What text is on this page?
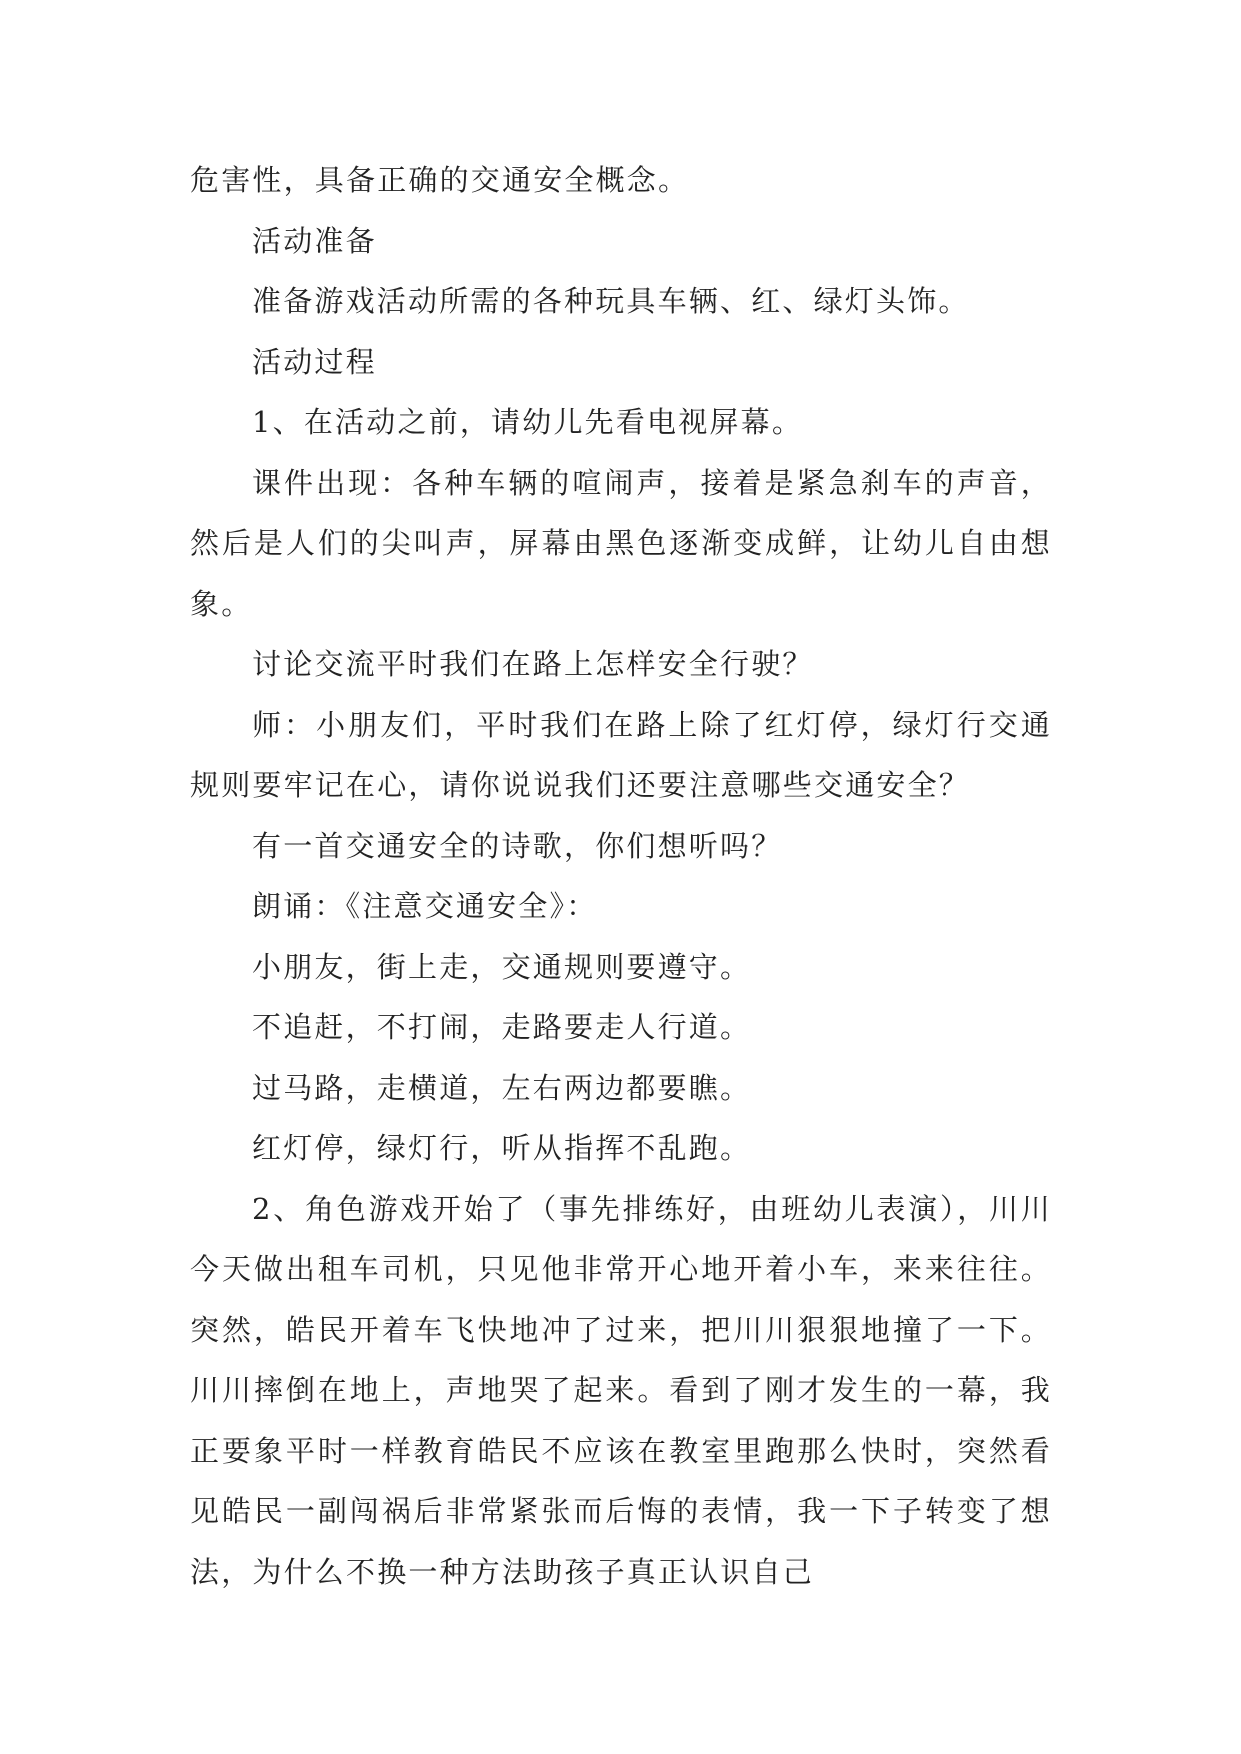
危害性，具备正确的交通安全概念。

活动准备

准备游戏活动所需的各种玩具车辆、红、绿灯头饰。

活动过程

1、在活动之前，请幼儿先看电视屏幕。

课件出现：各种车辆的喧闹声，接着是紧急刹车的声音，然后是人们的尖叫声，屏幕由黑色逐渐变成鲜，让幼儿自由想象。

讨论交流平时我们在路上怎样安全行驶？

师：小朋友们，平时我们在路上除了红灯停，绿灯行交通规则要牢记在心，请你说说我们还要注意哪些交通安全？

有一首交通安全的诗歌，你们想听吗？

朗诵：《注意交通安全》：

小朋友，街上走，交通规则要遵守。

不追赶，不打闹，走路要走人行道。

过马路，走横道，左右两边都要瞧。

红灯停，绿灯行，听从指挥不乱跑。

2、角色游戏开始了（事先排练好，由班幼儿表演），川川今天做出租车司机，只见他非常开心地开着小车，来来往往。突然，皓民开着车飞快地冲了过来，把川川狠狠地撞了一下。川川摔倒在地上，声地哭了起来。看到了刚才发生的一幕，我正要象平时一样教育皓民不应该在教室里跑那么快时，突然看见皓民一副闯祸后非常紧张而后悔的表情，我一下子转变了想法，为什么不换一种方法助孩子真正认识自己
